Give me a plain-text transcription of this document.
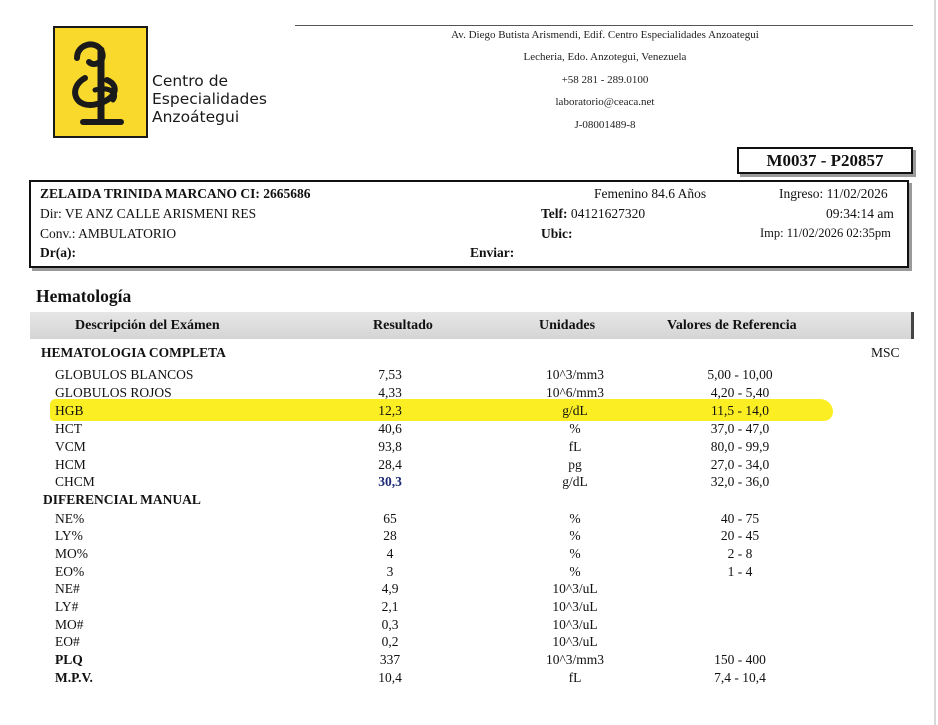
Centro de
Especialidades
Anzoátegui
Av. Diego Butista Arismendi, Edif. Centro Especialidades Anzoategui
Lecheria, Edo. Anzotegui, Venezuela
+58 281 - 289.0100
laboratorio@ceaca.net
J-08001489-8
M0037 - P20857
ZELAIDA TRINIDA MARCANO CI: 2665686
Dir: VE ANZ CALLE ARISMENI RES
Conv.: AMBULATORIO
Dr(a):	Enviar:
Femenino 84.6 Años
Telf: 04121627320
Ubic:
Ingreso: 11/02/2026
09:34:14 am
Imp: 11/02/2026 02:35pm
Hematología
Descripción del Exámen	Resultado	Unidades	Valores de Referencia
HEMATOLOGIA COMPLETA	MSC
GLOBULOS BLANCOS	7,53	10^3/mm3	5,00 - 10,00
GLOBULOS ROJOS	4,33	10^6/mm3	4,20 - 5,40
HGB	12,3	g/dL	11,5 - 14,0
HCT	40,6	%	37,0 - 47,0
VCM	93,8	fL	80,0 - 99,9
HCM	28,4	pg	27,0 - 34,0
CHCM	30,3	g/dL	32,0 - 36,0
DIFERENCIAL MANUAL
NE%	65	%	40 - 75
LY%	28	%	20 - 45
MO%	4	%	2 - 8
EO%	3	%	1 - 4
NE#	4,9	10^3/uL
LY#	2,1	10^3/uL
MO#	0,3	10^3/uL
EO#	0,2	10^3/uL
PLQ	337	10^3/mm3	150 - 400
M.P.V.	10,4	fL	7,4 - 10,4
